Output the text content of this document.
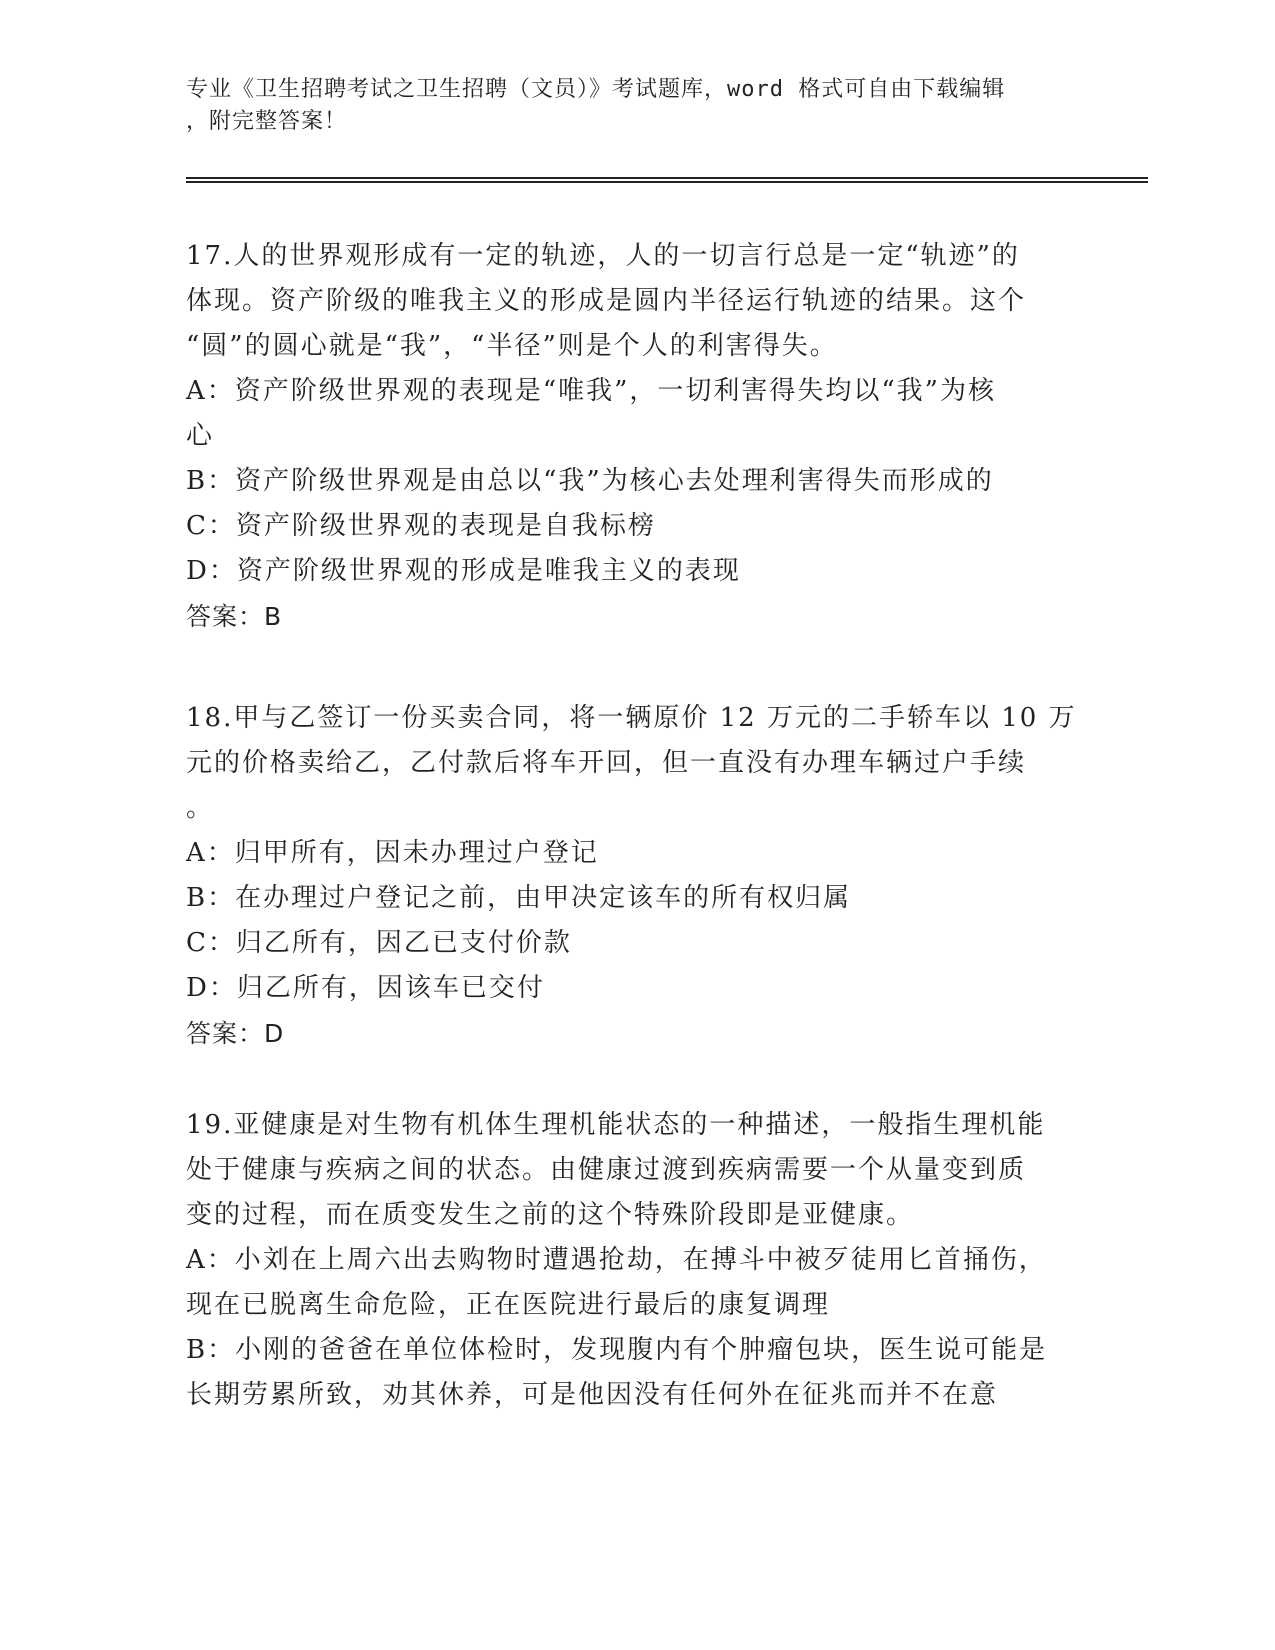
专业《卫生招聘考试之卫生招聘（文员）》考试题库，word 格式可自由下载编辑
，附完整答案！
17.人的世界观形成有一定的轨迹，人的一切言行总是一定“轨迹”的
体现。资产阶级的唯我主义的形成是圆内半径运行轨迹的结果。这个
“圆”的圆心就是“我”，“半径”则是个人的利害得失。
A：资产阶级世界观的表现是“唯我”，一切利害得失均以“我”为核
心
B：资产阶级世界观是由总以“我”为核心去处理利害得失而形成的
C：资产阶级世界观的表现是自我标榜
D：资产阶级世界观的形成是唯我主义的表现
答案：B
18.甲与乙签订一份买卖合同，将一辆原价 12 万元的二手轿车以 10 万
元的价格卖给乙，乙付款后将车开回，但一直没有办理车辆过户手续
。
A：归甲所有，因未办理过户登记
B：在办理过户登记之前，由甲决定该车的所有权归属
C：归乙所有，因乙已支付价款
D：归乙所有，因该车已交付
答案：D
19.亚健康是对生物有机体生理机能状态的一种描述，一般指生理机能
处于健康与疾病之间的状态。由健康过渡到疾病需要一个从量变到质
变的过程，而在质变发生之前的这个特殊阶段即是亚健康。
A：小刘在上周六出去购物时遭遇抢劫，在搏斗中被歹徒用匕首捅伤，
现在已脱离生命危险，正在医院进行最后的康复调理
B：小刚的爸爸在单位体检时，发现腹内有个肿瘤包块，医生说可能是
长期劳累所致，劝其休养，可是他因没有任何外在征兆而并不在意
